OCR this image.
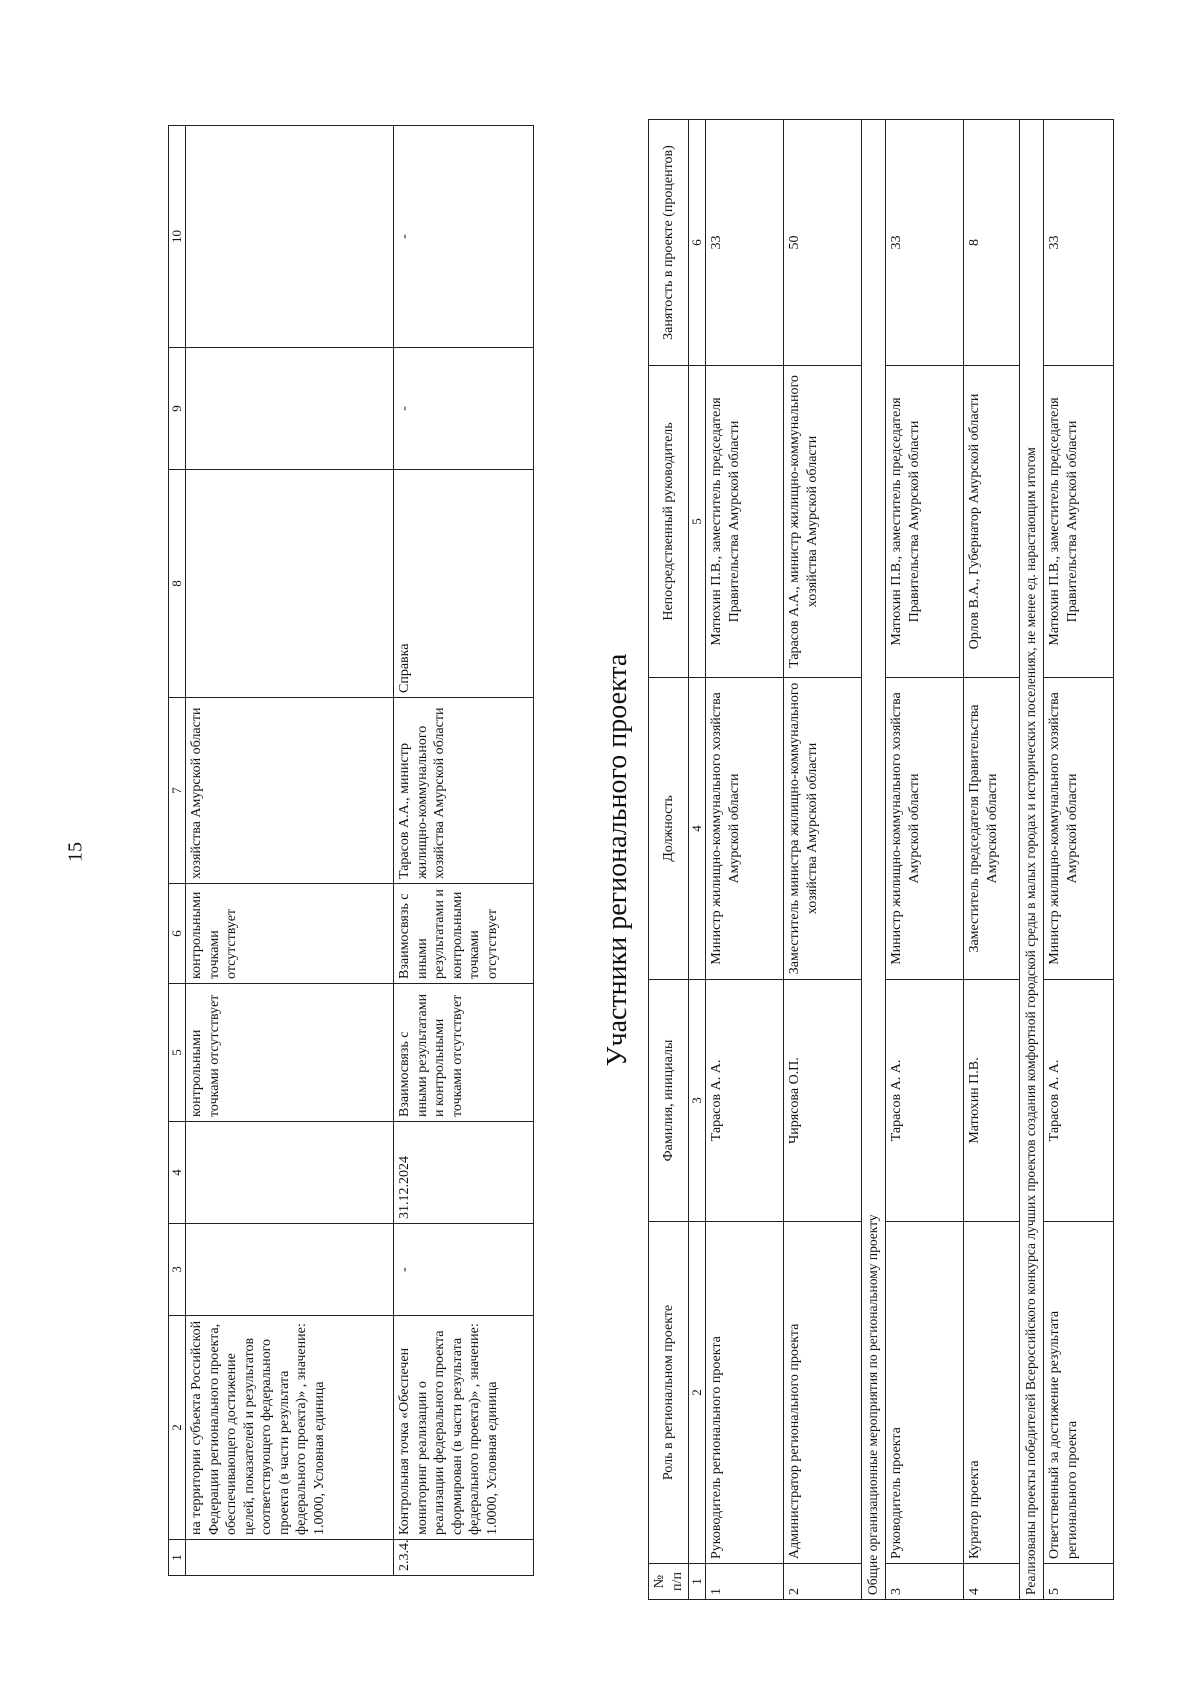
15
1	2	3	4	5	6	7	8	9	10
	на территории субъекта Российской Федерации регионального проекта, обеспечивающего достижение целей, показателей и результатов соответствующего федерального проекта (в части результата федерального проекта)» , значение: 1.0000, Условная единица			контрольными точками отсутствует	контрольными точками отсутствует	хозяйства Амурской области			
2.3.4.	Контрольная точка «Обеспечен мониторинг реализации о реализации федерального проекта сформирован (в части результата федерального проекта)» , значение: 1.0000, Условная единица	-	31.12.2024	Взаимосвязь с иными результатами и контрольными точками отсутствует	Взаимосвязь с иными результатами и контрольными точками отсутствует	Тарасов А.А., министр жилищно-коммунального хозяйства Амурской области	Справка	-	-
Участники регионального проекта
№ п/п	Роль в региональном проекте	Фамилия, инициалы	Должность	Непосредственный руководитель	Занятость в проекте (процентов)
1	2	3	4	5	6
1	Руководитель регионального проекта	Тарасов А. А.	Министр жилищно-коммунального хозяйства Амурской области	Матюхин П.В., заместитель председателя Правительства Амурской области	33
2	Администратор регионального проекта	Чирясова О.П.	Заместитель министра жилищно-коммунального хозяйства Амурской области	Тарасов А.А., министр жилищно-коммунального хозяйства Амурской области	50
Общие организационные мероприятия по региональному проекту					
3	Руководитель проекта	Тарасов А. А.	Министр жилищно-коммунального хозяйства Амурской области	Матюхин П.В., заместитель председателя Правительства Амурской области	33
4	Куратор проекта	Матюхин П.В.	Заместитель председателя Правительства Амурской области	Орлов В.А., Губернатор Амурской области	8
Реализованы проекты победителей Всероссийского конкурса лучших проектов создания комфортной городской среды в малых городах и исторических поселениях, не менее ед. нарастающим итогом					
5	Ответственный за достижение результата регионального проекта	Тарасов А. А.	Министр жилищно-коммунального хозяйства Амурской области	Матюхин П.В., заместитель председателя Правительства Амурской области	33
